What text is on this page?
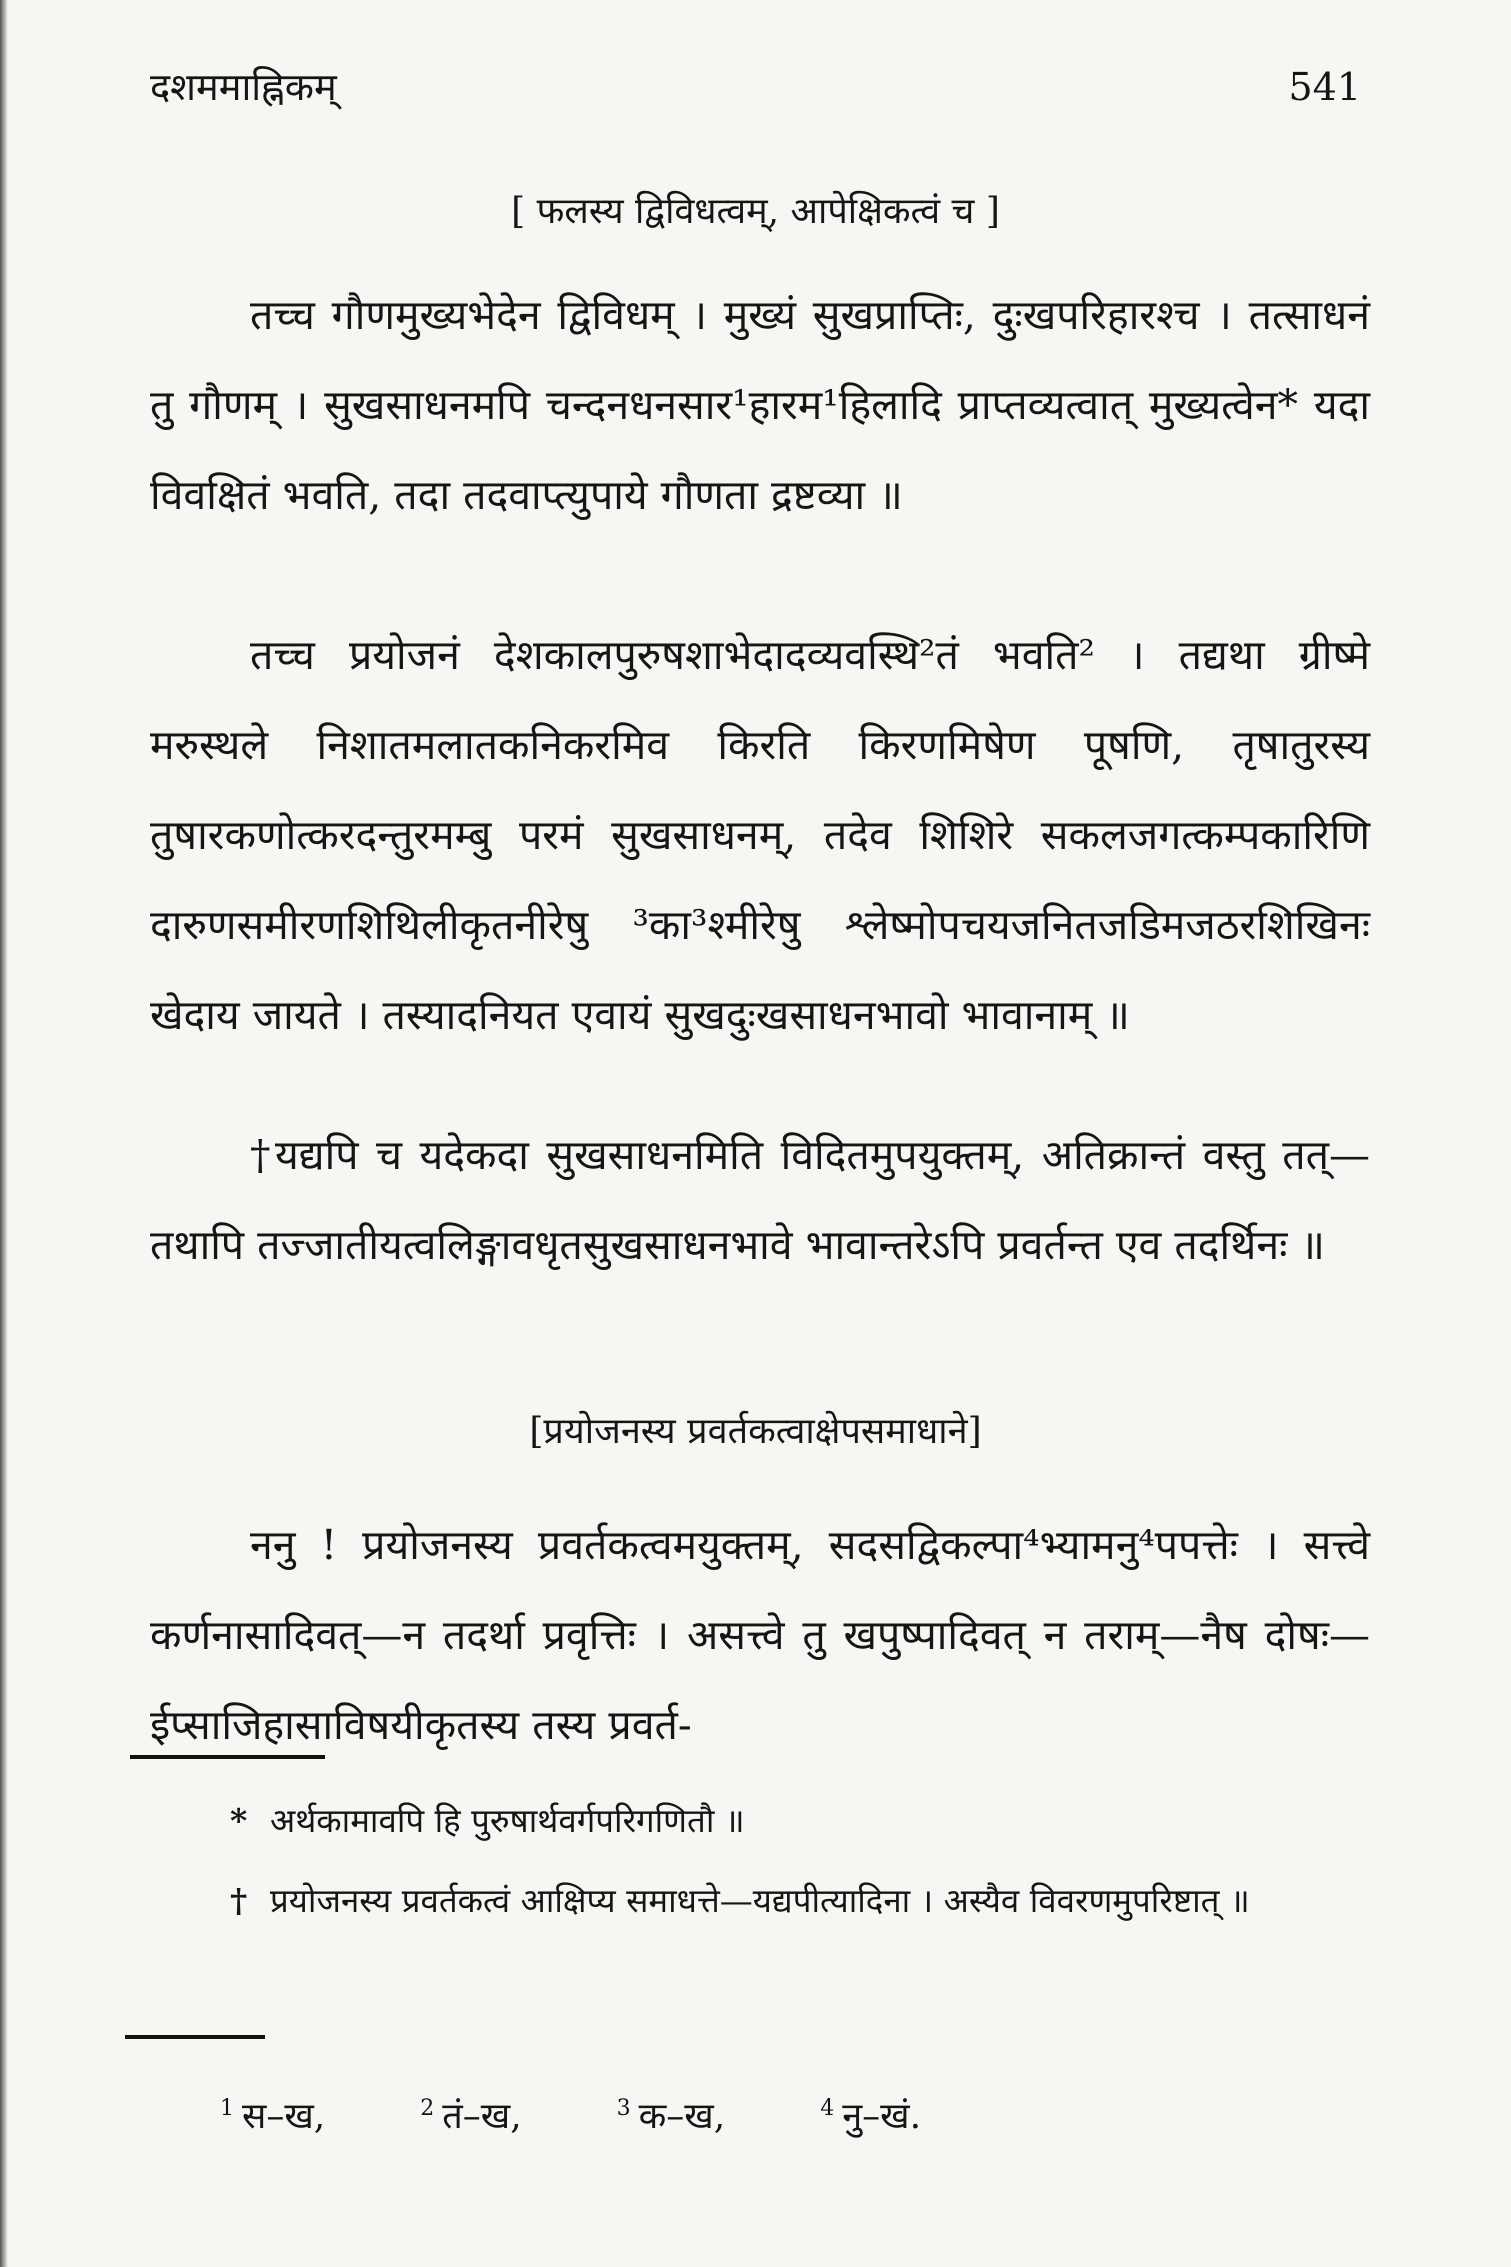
दशममाह्निकम्	541
[ फलस्य द्विविधत्वम्, आपेक्षिकत्वं च ]

तच्च गौणमुख्यभेदेन द्विविधम् । मुख्यं सुखप्राप्तिः, दुःखपरिहारश्च । तत्साधनं तु गौणम् । सुखसाधनमपि चन्दनधनसार¹हारम¹हिलादि प्राप्तव्यत्वात् मुख्यत्वेन* यदा विवक्षितं भवति, तदा तदवाप्त्युपाये गौणता द्रष्टव्या ॥

तच्च प्रयोजनं देशकालपुरुषशाभेदादव्यवस्थि²तं भवति² । तद्यथा ग्रीष्मे मरुस्थले निशातमलातकनिकरमिव किरति किरणमिषेण पूषणि, तृषातुरस्य तुषारकणोत्करदन्तुरमम्बु परमं सुखसाधनम्, तदेव शिशिरे सकलजगत्कम्पकारिणि दारुणसमीरणशिथिलीकृतनीरेषु ³का³श्मीरेषु श्लेष्मोपचयजनितजडिमजठरशिखिनः खेदाय जायते । तस्यादनियत एवायं सुखदुःखसाधनभावो भावानाम् ॥

†यद्यपि च यदेकदा सुखसाधनमिति विदितमुपयुक्तम्, अतिक्रान्तं वस्तु तत्—तथापि तज्जातीयत्वलिङ्गावधृतसुखसाधनभावे भावान्तरेऽपि प्रवर्तन्त एव तदर्थिनः ॥

[प्रयोजनस्य प्रवर्तकत्वाक्षेपसमाधाने]

ननु ! प्रयोजनस्य प्रवर्तकत्वमयुक्तम्, सदसद्विकल्पा⁴भ्यामनु⁴पपत्तेः । सत्त्वे कर्णनासादिवत्—न तदर्था प्रवृत्तिः । असत्त्वे तु खपुष्पादिवत् न तराम्—नैष दोषः—ईप्साजिहासाविषयीकृतस्य तस्य प्रवर्त-

* अर्थकामावपि हि पुरुषार्थवर्गपरिगणितौ ॥

† प्रयोजनस्य प्रवर्तकत्वं आक्षिप्य समाधत्ते—यद्यपीत्यादिना । अस्यैव विवरणमुपरिष्टात् ॥

$^1$ स–ख,	$^2$ तं–ख,	$^3$ क–ख,	$^4$ नु–खं.
